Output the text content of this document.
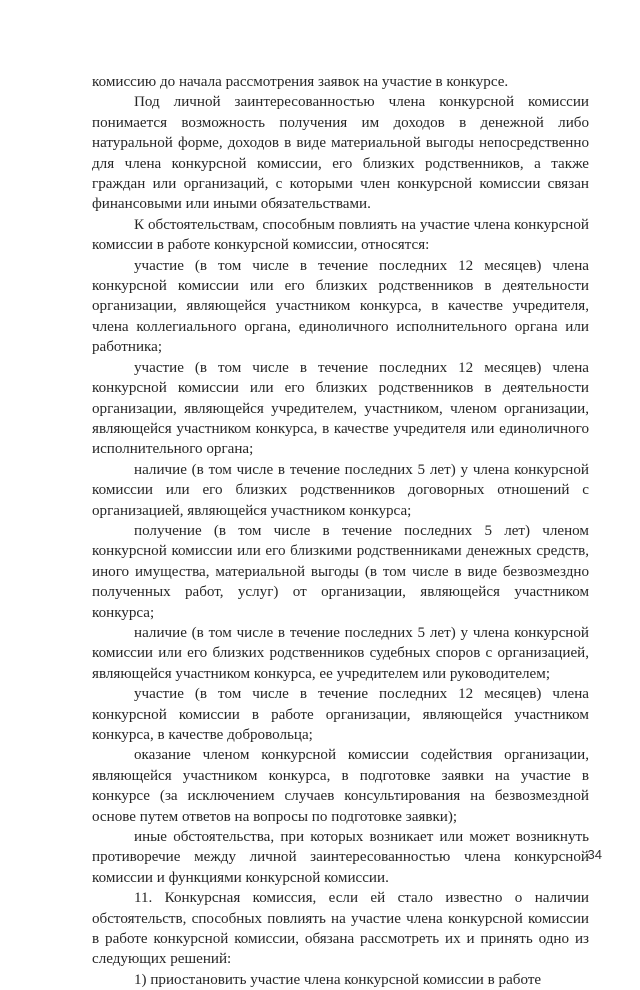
комиссию до начала рассмотрения заявок на участие в конкурсе.

Под личной заинтересованностью члена конкурсной комиссии понимается возможность получения им доходов в денежной либо натуральной форме, доходов в виде материальной выгоды непосредственно для члена конкурсной комиссии, его близких родственников, а также граждан или организаций, с которыми член конкурсной комиссии связан финансовыми или иными обязательствами.

К обстоятельствам, способным повлиять на участие члена конкурсной комиссии в работе конкурсной комиссии, относятся:

участие (в том числе в течение последних 12 месяцев) члена конкурсной комиссии или его близких родственников в деятельности организации, являющейся участником конкурса, в качестве учредителя, члена коллегиального органа, единоличного исполнительного органа или работника;

участие (в том числе в течение последних 12 месяцев) члена конкурсной комиссии или его близких родственников в деятельности организации, являющейся учредителем, участником, членом организации, являющейся участником конкурса, в качестве учредителя или единоличного исполнительного органа;

наличие (в том числе в течение последних 5 лет) у члена конкурсной комиссии или его близких родственников договорных отношений с организацией, являющейся участником конкурса;

получение (в том числе в течение последних 5 лет) членом конкурсной комиссии или его близкими родственниками денежных средств, иного имущества, материальной выгоды (в том числе в виде безвозмездно полученных работ, услуг) от организации, являющейся участником конкурса;

наличие (в том числе в течение последних 5 лет) у члена конкурсной комиссии или его близких родственников судебных споров с организацией, являющейся участником конкурса, ее учредителем или руководителем;

участие (в том числе в течение последних 12 месяцев) члена конкурсной комиссии в работе организации, являющейся участником конкурса, в качестве добровольца;

оказание членом конкурсной комиссии содействия организации, являющейся участником конкурса, в подготовке заявки на участие в конкурсе (за исключением случаев консультирования на безвозмездной основе путем ответов на вопросы по подготовке заявки);

иные обстоятельства, при которых возникает или может возникнуть противоречие между личной заинтересованностью члена конкурсной комиссии и функциями конкурсной комиссии.

11. Конкурсная комиссия, если ей стало известно о наличии обстоятельств, способных повлиять на участие члена конкурсной комиссии в работе конкурсной комиссии, обязана рассмотреть их и принять одно из следующих решений:

1) приостановить участие члена конкурсной комиссии в работе

34
